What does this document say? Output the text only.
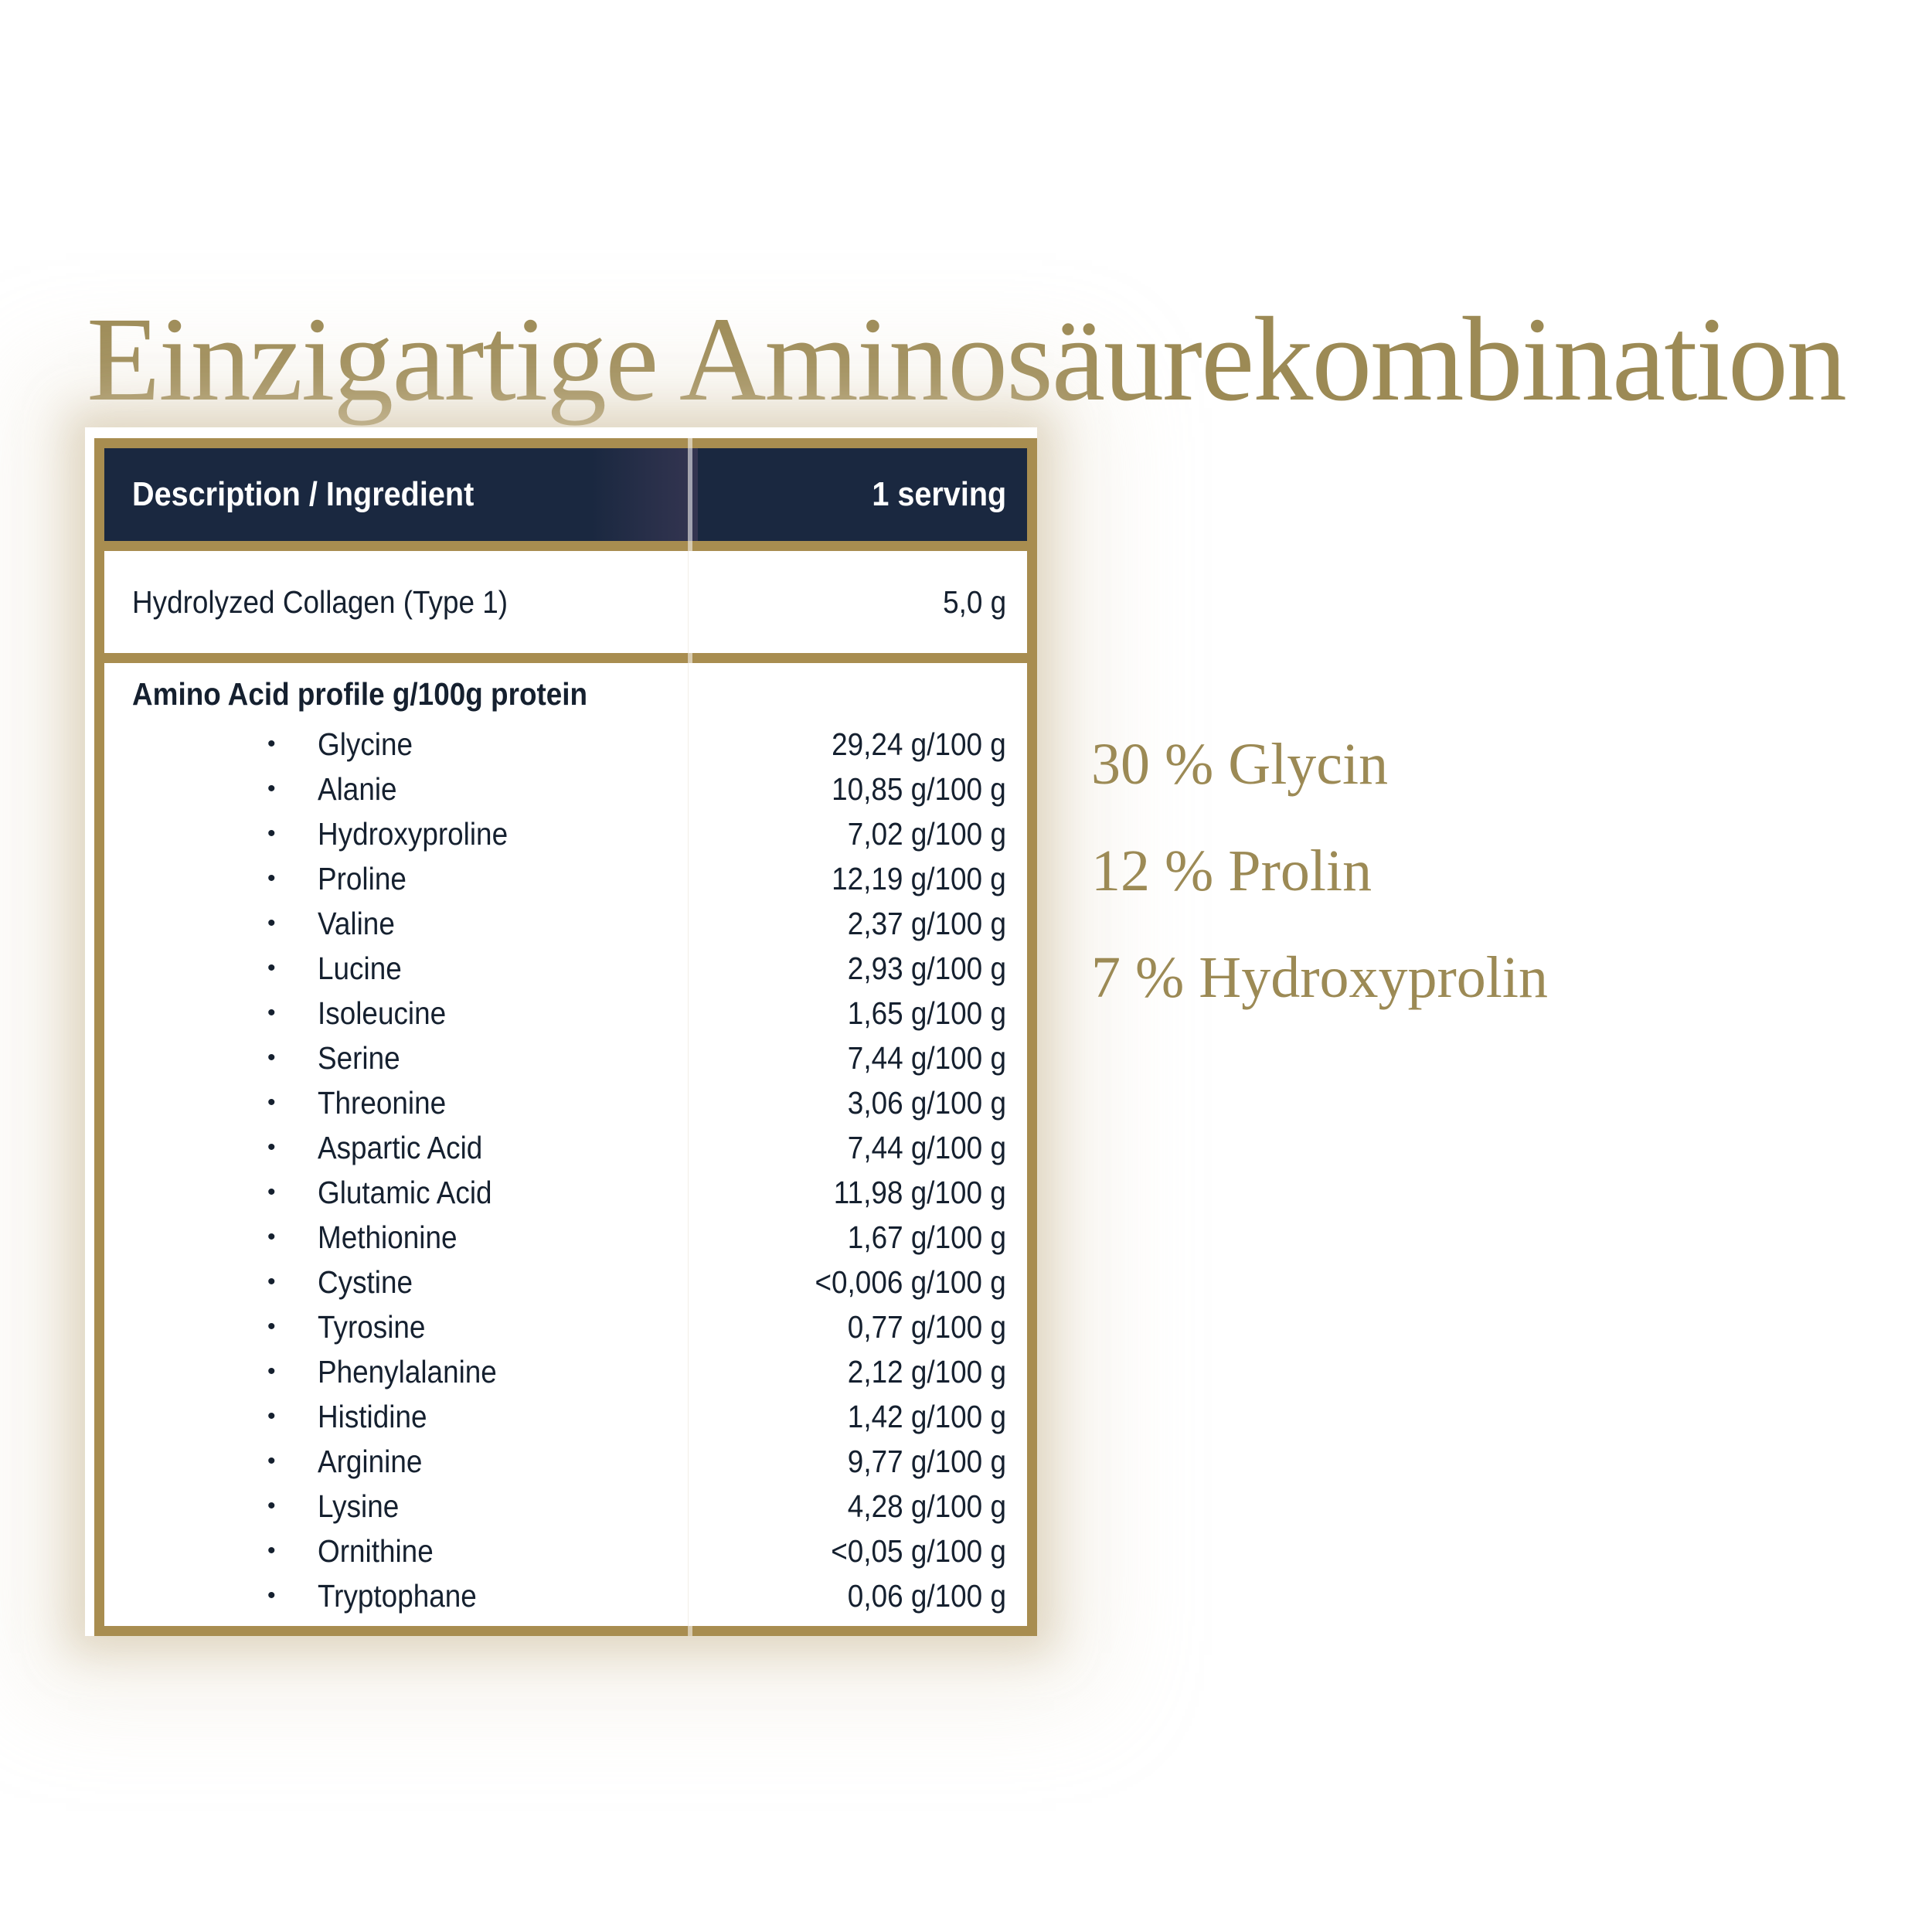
Einzigartige Aminosäurekombination
Description / Ingredient	1 serving
Hydrolyzed Collagen (Type 1)	5,0 g
Amino Acid profile g/100g protein
•	Glycine	29,24 g/100 g
•	Alanie	10,85 g/100 g
•	Hydroxyproline	7,02 g/100 g
•	Proline	12,19 g/100 g
•	Valine	2,37 g/100 g
•	Lucine	2,93 g/100 g
•	Isoleucine	1,65 g/100 g
•	Serine	7,44 g/100 g
•	Threonine	3,06 g/100 g
•	Aspartic Acid	7,44 g/100 g
•	Glutamic Acid	11,98 g/100 g
•	Methionine	1,67 g/100 g
•	Cystine	<0,006 g/100 g
•	Tyrosine	0,77 g/100 g
•	Phenylalanine	2,12 g/100 g
•	Histidine	1,42 g/100 g
•	Arginine	9,77 g/100 g
•	Lysine	4,28 g/100 g
•	Ornithine	<0,05 g/100 g
•	Tryptophane	0,06 g/100 g
30 % Glycin
12 % Prolin
7 % Hydroxyprolin
